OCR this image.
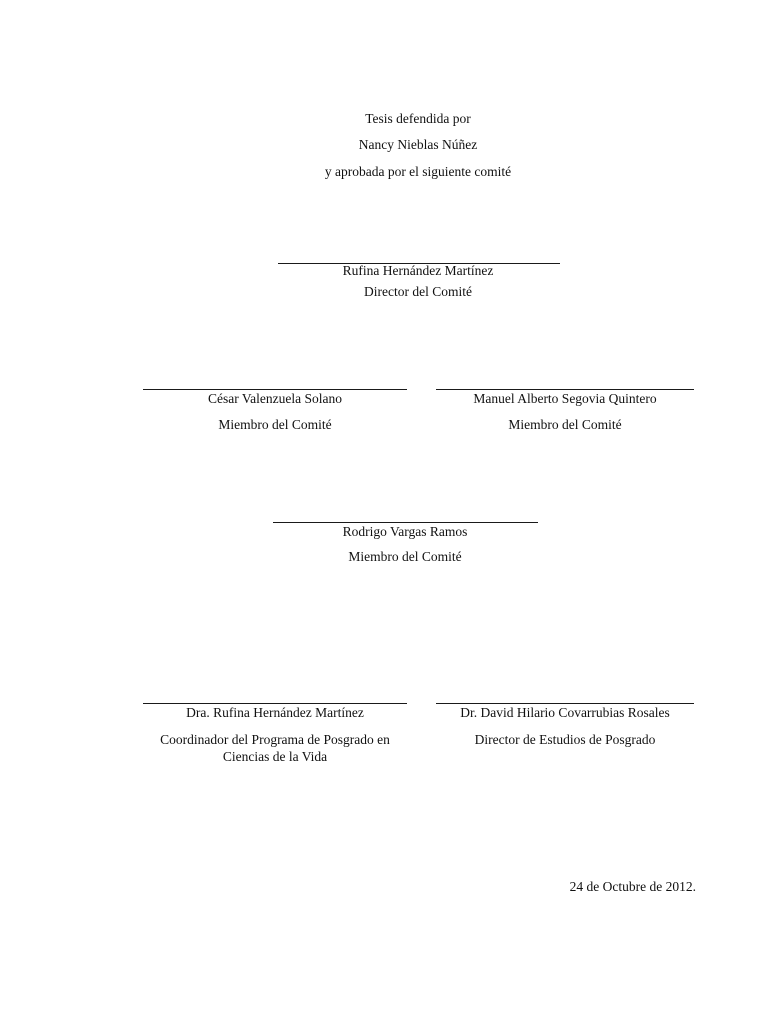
Tesis defendida por
Nancy Nieblas Núñez
y aprobada por el siguiente comité
Rufina Hernández Martínez
Director del Comité
César Valenzuela Solano
Miembro del Comité
Manuel Alberto Segovia Quintero
Miembro del Comité
Rodrigo Vargas Ramos
Miembro del Comité
Dra. Rufina Hernández Martínez
Coordinador del Programa de Posgrado en
Ciencias de la Vida
Dr. David Hilario Covarrubias Rosales
Director de Estudios de Posgrado
24 de Octubre de 2012.
